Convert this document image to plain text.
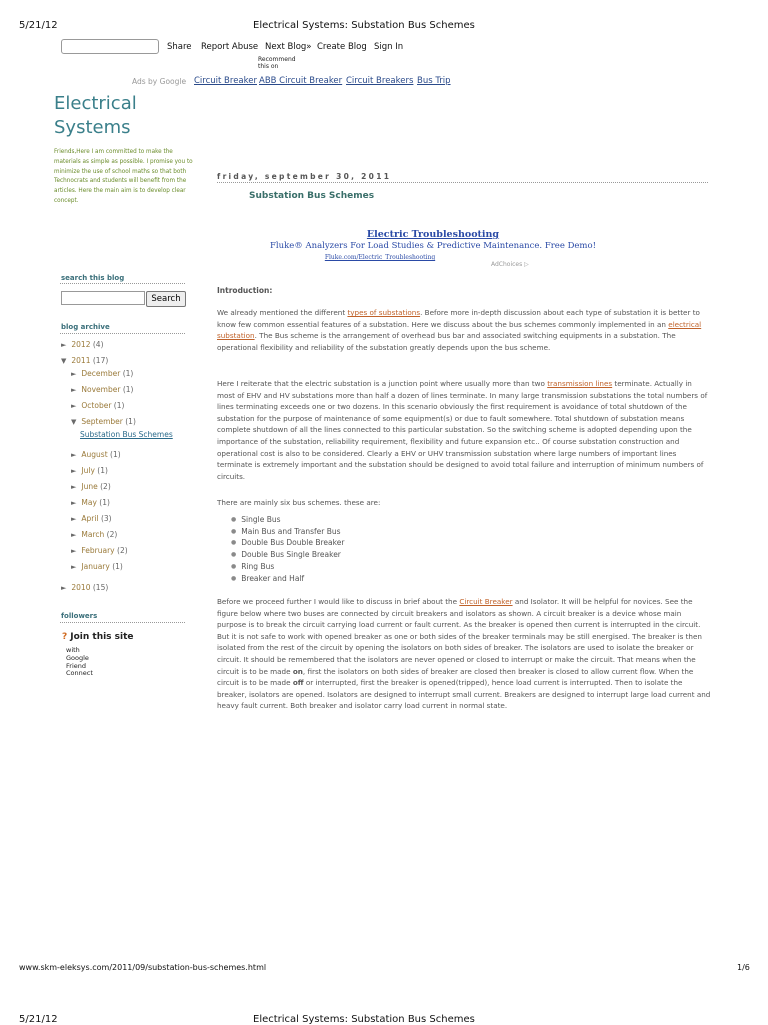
5/21/12	Electrical Systems: Substation Bus Schemes
Share Report Abuse Next Blog» Create Blog Sign In
Recommend
this on
Ads by Google Circuit Breaker ABB Circuit Breaker Circuit Breakers Bus Trip
Electrical
Systems
Friends,Here I am committed to make the materials as simple as possible. I promise you to minimize the use of school maths so that both Technocrats and students will benefit from the articles. Here the main aim is to develop clear concept.
search this blog
Search
blog archive
► 2012 (4)
▼ 2011 (17)
► December (1)
► November (1)
► October (1)
▼ September (1)
Substation Bus Schemes
► August (1)
► July (1)
► June (2)
► May (1)
► April (3)
► March (2)
► February (2)
► January (1)
► 2010 (15)
followers
? Join this site
with
Google
Friend
Connect
friday, september 30, 2011
Substation Bus Schemes
Electric Troubleshooting
Fluke® Analyzers For Load Studies & Predictive Maintenance. Free Demo!
Fluke.com/Electric_Troubleshooting
AdChoices ▷
Introduction:
We already mentioned the different types of substations. Before more in-depth discussion about each type of substation it is better to know few common essential features of a substation. Here we discuss about the bus schemes commonly implemented in an electrical substation. The Bus scheme is the arrangement of overhead bus bar and associated switching equipments in a substation. The operational flexibility and reliability of the substation greatly depends upon the bus scheme.
Here I reiterate that the electric substation is a junction point where usually more than two transmission lines terminate. Actually in most of EHV and HV substations more than half a dozen of lines terminate. In many large transmission substations the total numbers of lines terminating exceeds one or two dozens. In this scenario obviously the first requirement is avoidance of total shutdown of the substation for the purpose of maintenance of some equipment(s) or due to fault somewhere. Total shutdown of substation means complete shutdown of all the lines connected to this particular substation. So the switching scheme is adopted depending upon the importance of the substation, reliability requirement, flexibility and future expansion etc.. Of course substation construction and operational cost is also to be considered. Clearly a EHV or UHV transmission substation where large numbers of important lines terminate is extremely important and the substation should be designed to avoid total failure and interruption of minimum numbers of circuits.
There are mainly six bus schemes. these are:
● Single Bus
● Main Bus and Transfer Bus
● Double Bus Double Breaker
● Double Bus Single Breaker
● Ring Bus
● Breaker and Half
Before we proceed further I would like to discuss in brief about the Circuit Breaker and Isolator. It will be helpful for novices. See the figure below where two buses are connected by circuit breakers and isolators as shown. A circuit breaker is a device whose main purpose is to break the circuit carrying load current or fault current. As the breaker is opened then current is interrupted in the circuit. But it is not safe to work with opened breaker as one or both sides of the breaker terminals may be still energised. The breaker is then isolated from the rest of the circuit by opening the isolators on both sides of breaker. The isolators are used to isolate the breaker or circuit. It should be remembered that the isolators are never opened or closed to interrupt or make the circuit. That means when the circuit is to be made on, first the isolators on both sides of breaker are closed then breaker is closed to allow current flow. When the circuit is to be made off or interrupted, first the breaker is opened(tripped), hence load current is interrupted. Then to isolate the breaker, isolators are opened. Isolators are designed to interrupt small current. Breakers are designed to interrupt large load current and heavy fault current. Both breaker and isolator carry load current in normal state.
www.skm-eleksys.com/2011/09/substation-bus-schemes.html	1/6
5/21/12	Electrical Systems: Substation Bus Schemes
